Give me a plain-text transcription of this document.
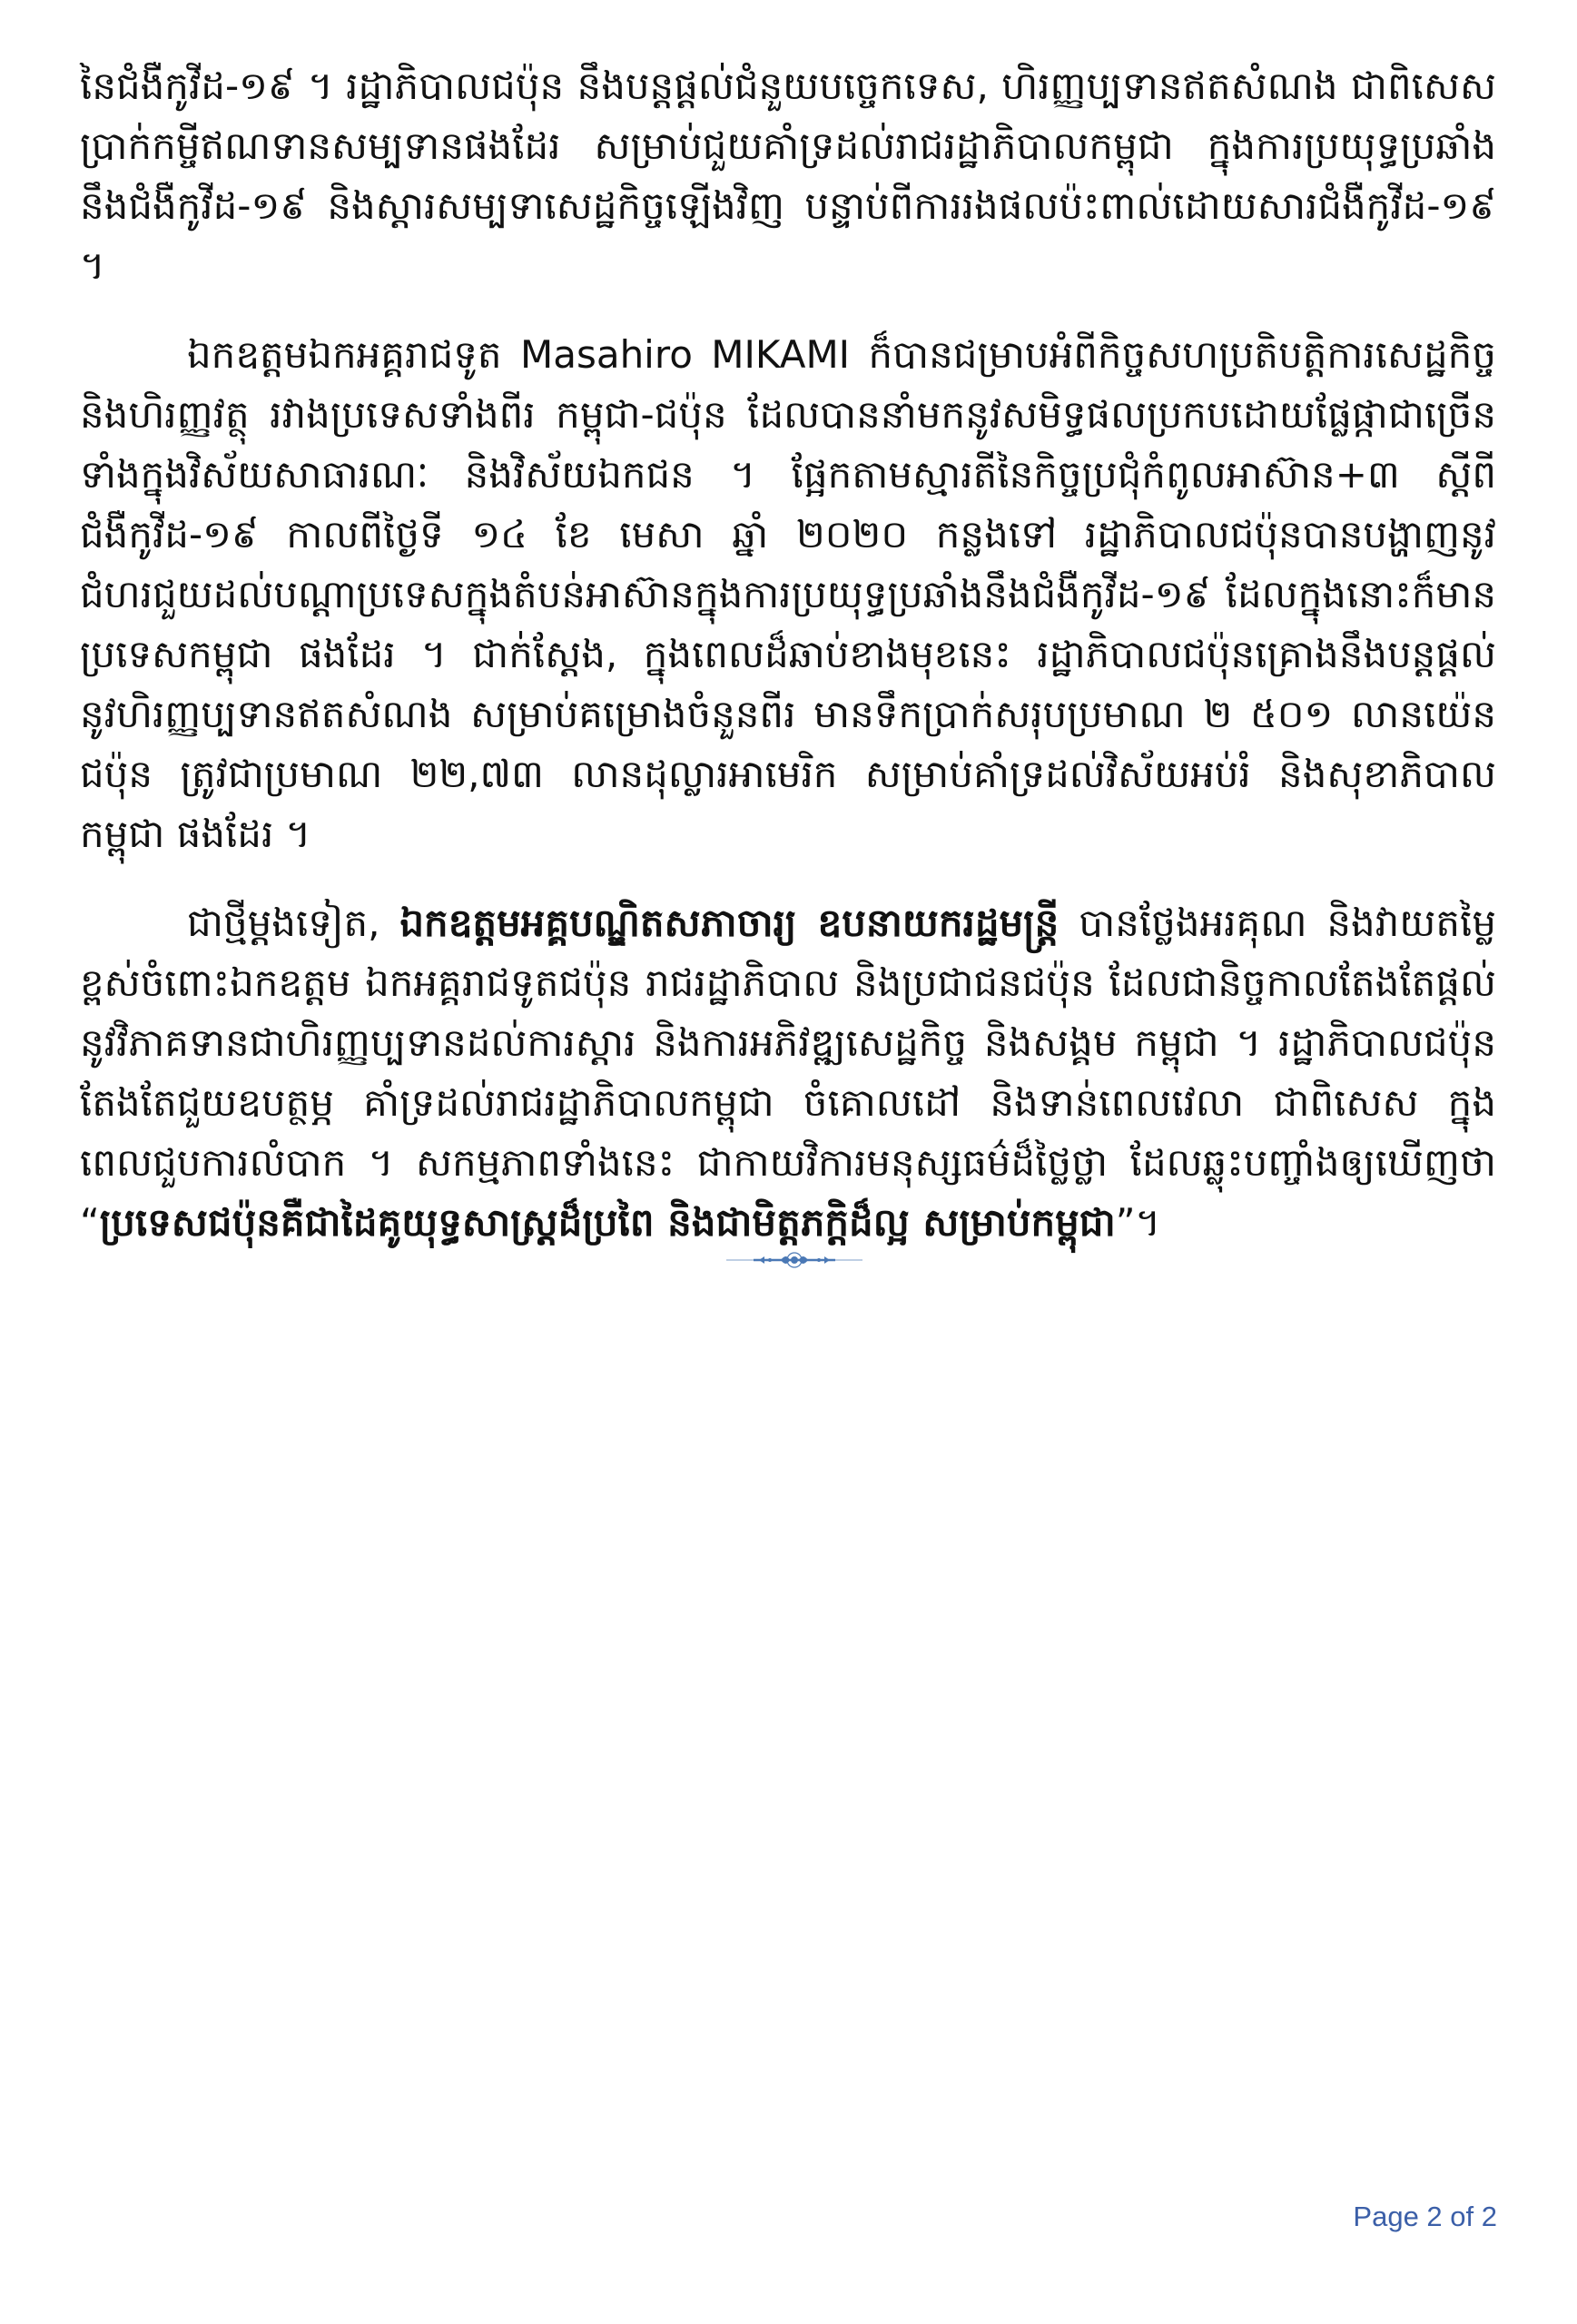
នៃជំងឺកូវីដ-១៩ ។ រដ្ឋាភិបាលជប៉ុន នឹងបន្តផ្តល់ជំនួយបច្ចេកទេស, ហិរញ្ញប្បទានឥតសំណង ជាពិសេស ប្រាក់កម្ចីឥណទានសម្បទានផងដែរ សម្រាប់ជួយគាំទ្រដល់រាជរដ្ឋាភិបាលកម្ពុជា ក្នុងការប្រយុទ្ធប្រឆាំងនឹងជំងឺកូវីដ-១៩ និងស្តារសម្បទាសេដ្ឋកិច្ចឡើងវិញ បន្ទាប់ពីការរងផលប៉ះពាល់ដោយសារជំងឺកូវីដ-១៩ ។

ឯកឧត្តមឯកអគ្គរាជទូត Masahiro MIKAMI ក៏បានជម្រាបអំពីកិច្ចសហប្រតិបត្តិការសេដ្ឋកិច្ច និងហិរញ្ញវត្ថុ រវាងប្រទេសទាំងពីរ កម្ពុជា-ជប៉ុន ដែលបាននាំមកនូវសមិទ្ធផលប្រកបដោយផ្លែផ្កាជាច្រើន ទាំងក្នុងវិស័យសាធារណៈ និងវិស័យឯកជន ។ ផ្អែកតាមស្មារតីនៃកិច្ចប្រជុំកំពូលអាស៊ាន+៣ ស្តីពីជំងឺកូវីដ-១៩ កាលពីថ្ងៃទី ១៤ ខែ មេសា ឆ្នាំ ២០២០ កន្លងទៅ រដ្ឋាភិបាលជប៉ុនបានបង្ហាញនូវជំហរជួយដល់បណ្តាប្រទេសក្នុងតំបន់អាស៊ានក្នុងការប្រយុទ្ធប្រឆាំងនឹងជំងឺកូវីដ-១៩ ដែលក្នុងនោះក៏មានប្រទេសកម្ពុជា ផងដែរ ។ ជាក់ស្តែង, ក្នុងពេលដ៏ឆាប់ខាងមុខនេះ រដ្ឋាភិបាលជប៉ុនគ្រោងនឹងបន្តផ្តល់នូវហិរញ្ញប្បទានឥតសំណង សម្រាប់គម្រោងចំនួនពីរ មានទឹកប្រាក់សរុបប្រមាណ ២ ៥០១ លានយ៉េនជប៉ុន ត្រូវជាប្រមាណ ២២,៧៣ លានដុល្លារអាមេរិក សម្រាប់គាំទ្រដល់វិស័យអប់រំ និងសុខាភិបាលកម្ពុជា ផងដែរ ។

ជាថ្មីម្តងទៀត, ឯកឧត្តមអគ្គបណ្ឌិតសភាចារ្យ ឧបនាយករដ្ឋមន្ត្រី បានថ្លែងអរគុណ និងវាយតម្លៃខ្ពស់ចំពោះឯកឧត្តម ឯកអគ្គរាជទូតជប៉ុន រាជរដ្ឋាភិបាល និងប្រជាជនជប៉ុន ដែលជានិច្ចកាលតែងតែផ្តល់នូវវិភាគទានជាហិរញ្ញប្បទានដល់ការស្តារ និងការអភិវឌ្ឍសេដ្ឋកិច្ច និងសង្គម កម្ពុជា ។ រដ្ឋាភិបាលជប៉ុន តែងតែជួយឧបត្ថម្ភ គាំទ្រដល់រាជរដ្ឋាភិបាលកម្ពុជា ចំគោលដៅ និងទាន់ពេលវេលា ជាពិសេស ក្នុងពេលជួបការលំបាក ។ សកម្មភាពទាំងនេះ ជាកាយវិការមនុស្សធម៌ដ៏ថ្លៃថ្លា ដែលឆ្លុះបញ្ចាំងឲ្យឃើញថា “ប្រទេសជប៉ុនគឺជាដៃគូយុទ្ធសាស្ត្រដ៏ប្រពៃ និងជាមិត្តភក្តិដ៏ល្អ សម្រាប់កម្ពុជា”។

Page 2 of 2
